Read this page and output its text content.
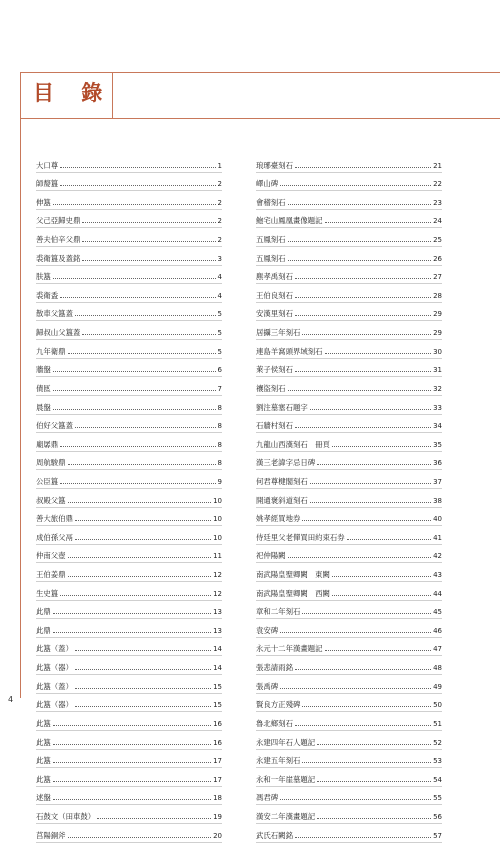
目 錄
大口尊	1
師嫠簋	2
伸簋	2
父己亞歸史鼎	2
善夫伯辛父鼎	2
裘衛簋及蓋銘	3
肤簋	4
裘衛盉	4
散車父簋蓋	5
歸叔山父簋蓋	5
九年衛鼎	5
牆盤	6
債匜	7
晨盤	8
伯好父簋蓋	8
廟孱鼎	8
周航駿鼎	8
公臣簋	9
叔殿父簋	10
善大旅伯鼎	10
成伯孫父鬲	10
仲南父壺	11
王伯姜鼎	12
生史簋	12
此鼎	13
此鼎	13
此簋（蓋）	14
此簋（器）	14
此簋（蓋）	15
此簋（器）	15
此簋	16
此簋	16
此簋	17
此簋	17
逑盤	18
石鼓文（田車鼓）	19
莒陽銅斧	20
琅琊臺刻石	21
嶧山碑	22
會稽刻石	23
鮑宅山鳳凰畫像題記	24
五鳳刻石	25
五鳳刻石	26
麃孝禹刻石	27
王伯良刻石	28
安漢里刻石	29
居攝三年刻石	29
連島羊窩頭界域刻石	30
萊子侯刻石	31
禳盜刻石	32
劉注墓塞石題字	33
石牆村刻石	34
九龍山西漢刻石　冊頁	35
漢三老諱字忌日碑	36
何君尊楗閣刻石	37
開通褒斜道刻石	38
姚孝經買地券	40
侍廷里父老僤買田約束石券	41
祀仲陽闕	42
南武陽皇聖卿闕　東闕	43
南武陽皇聖卿闕　西闕	44
章和二年刻石	45
袁安碑	46
永元十二年漢畫題記	47
張悲請雨銘	48
張禹碑	49
賢良方正殘碑	50
魯北鄉刻石	51
永建四年石人題記	52
永建五年刻石	53
永和一年崖墓題記	54
馮君碑	55
漢安二年漢畫題記	56
武氏石闕銘	57
4
